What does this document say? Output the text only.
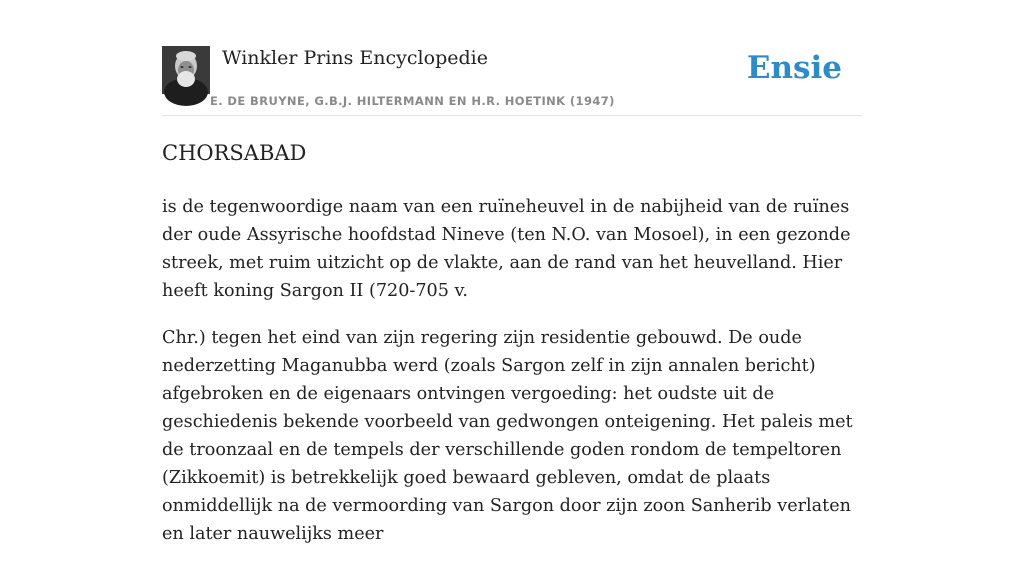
Winkler Prins Encyclopedie
E. DE BRUYNE, G.B.J. HILTERMANN EN H.R. HOETINK (1947)
Ensie
CHORSABAD

is de tegenwoordige naam van een ruïneheuvel in de nabijheid van de ruïnes der oude Assyrische hoofdstad Nineve (ten N.O. van Mosoel), in een gezonde streek, met ruim uitzicht op de vlakte, aan de rand van het heuvelland. Hier heeft koning Sargon II (720-705 v.

Chr.) tegen het eind van zijn regering zijn residentie gebouwd. De oude nederzetting Maganubba werd (zoals Sargon zelf in zijn annalen bericht) afgebroken en de eigenaars ontvingen vergoeding: het oudste uit de geschiedenis bekende voorbeeld van gedwongen onteigening. Het paleis met de troonzaal en de tempels der verschillende goden rondom de tempeltoren (Zikkoemit) is betrekkelijk goed bewaard gebleven, omdat de plaats onmiddellijk na de vermoording van Sargon door zijn zoon Sanherib verlaten en later nauwelijks meer
